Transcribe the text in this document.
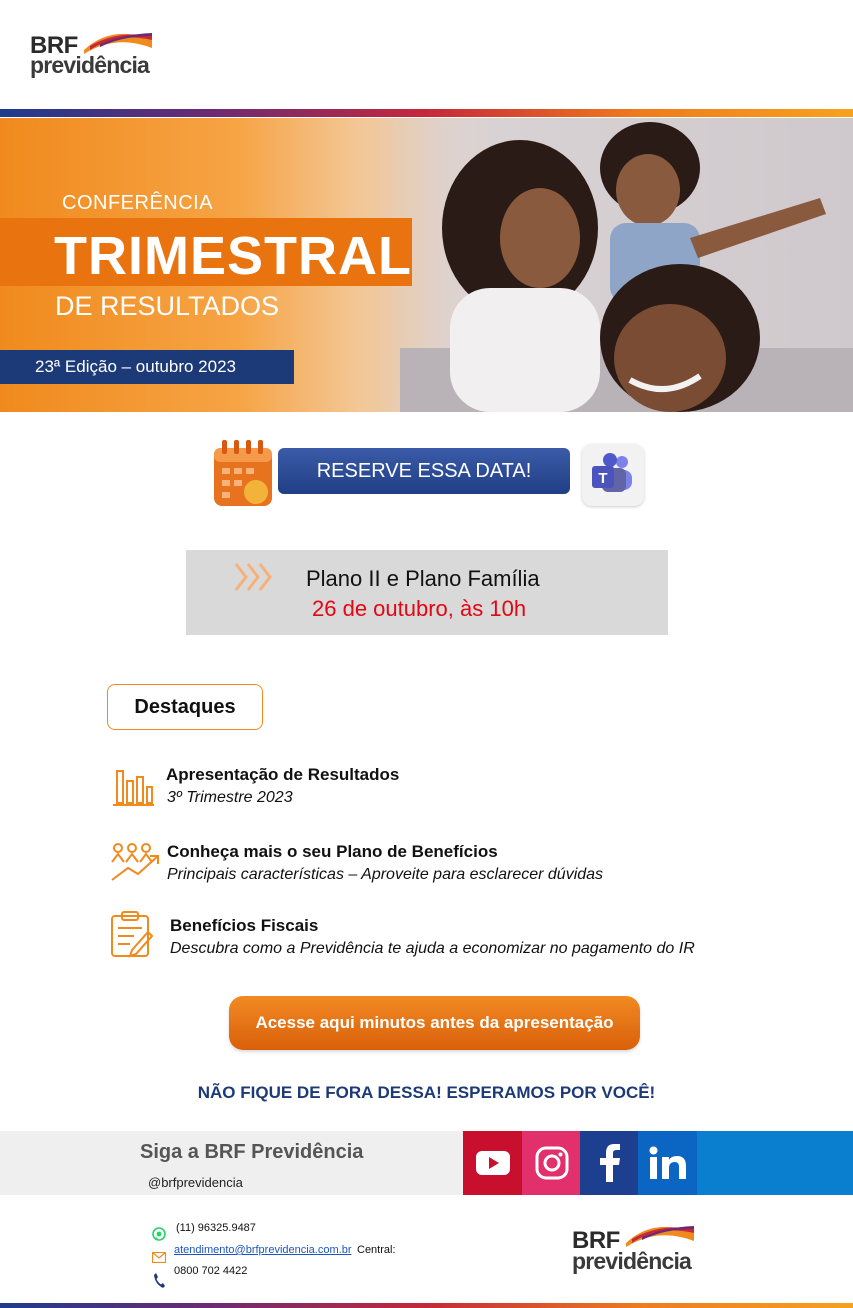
BRF
previdência
CONFERÊNCIA
TRIMESTRAL
DE RESULTADOS
23ª Edição – outubro 2023
RESERVE ESSA DATA!	T
Plano II e Plano Família
26 de outubro, às 10h
Destaques
Apresentação de Resultados
3º Trimestre 2023
Conheça mais o seu Plano de Benefícios
Principais características – Aproveite para esclarecer dúvidas
Benefícios Fiscais
Descubra como a Previdência te ajuda a economizar no pagamento do IR
Acesse aqui minutos antes da apresentação
NÃO FIQUE DE FORA DESSA! ESPERAMOS POR VOCÊ!
Siga a BRF Previdência
@brfprevidencia
(11) 96325.9487
atendimento@brfprevidencia.com.br Central:
0800 702 4422
BRF
previdência
